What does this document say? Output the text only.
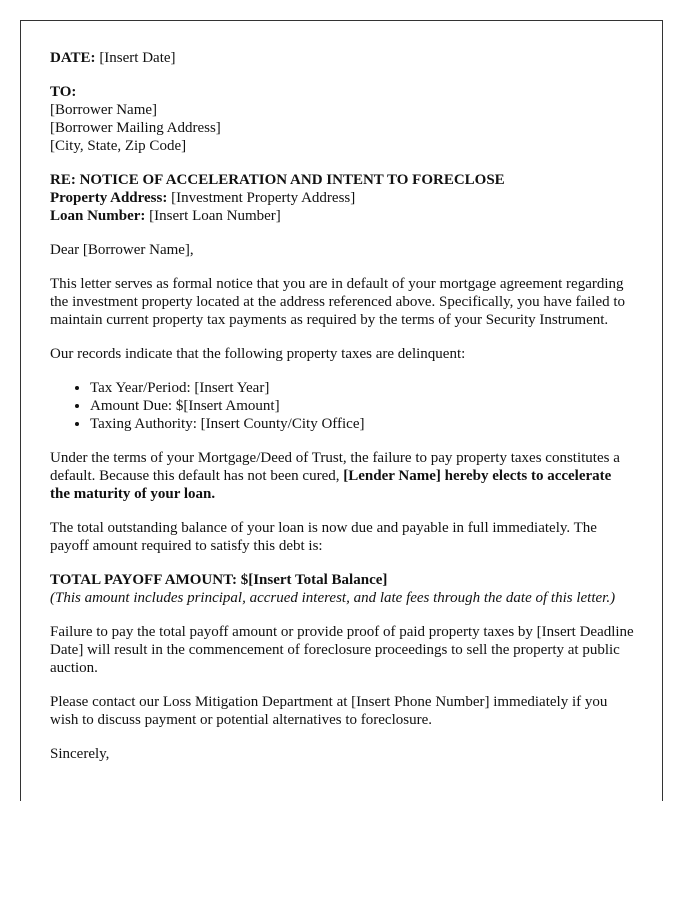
DATE: [Insert Date]

TO:
[Borrower Name]
[Borrower Mailing Address]
[City, State, Zip Code]

RE: NOTICE OF ACCELERATION AND INTENT TO FORECLOSE
Property Address: [Investment Property Address]
Loan Number: [Insert Loan Number]

Dear [Borrower Name],

This letter serves as formal notice that you are in default of your mortgage agreement regarding the investment property located at the address referenced above. Specifically, you have failed to maintain current property tax payments as required by the terms of your Security Instrument.

Our records indicate that the following property taxes are delinquent:

• Tax Year/Period: [Insert Year]
• Amount Due: $[Insert Amount]
• Taxing Authority: [Insert County/City Office]

Under the terms of your Mortgage/Deed of Trust, the failure to pay property taxes constitutes a default. Because this default has not been cured, [Lender Name] hereby elects to accelerate the maturity of your loan.

The total outstanding balance of your loan is now due and payable in full immediately. The payoff amount required to satisfy this debt is:

TOTAL PAYOFF AMOUNT: $[Insert Total Balance]
(This amount includes principal, accrued interest, and late fees through the date of this letter.)

Failure to pay the total payoff amount or provide proof of paid property taxes by [Insert Deadline Date] will result in the commencement of foreclosure proceedings to sell the property at public auction.

Please contact our Loss Mitigation Department at [Insert Phone Number] immediately if you wish to discuss payment or potential alternatives to foreclosure.

Sincerely,
